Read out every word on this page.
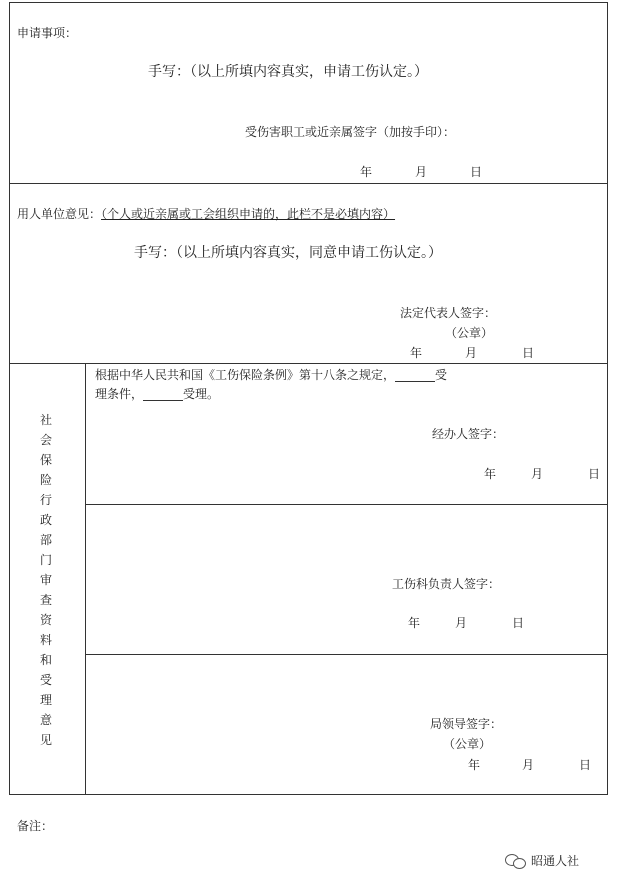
申请事项：
手写：（以上所填内容真实，申请工伤认定。）
受伤害职工或近亲属签字（加按手印）：
年	月	日
用人单位意见：（个人或近亲属或工会组织申请的，此栏不是必填内容）
手写：（以上所填内容真实，同意申请工伤认定。）
法定代表人签字：
（公章）
年	月	日
社
会
保
险
行
政
部
门
审
查
资
料
和
受
理
意
见
根据中华人民共和国《工伤保险条例》第十八条之规定，	受
理条件，	受理。
经办人签字：
年	月	日
工伤科负责人签字：
年	月	日
局领导签字：
（公章）
年	月	日
备注：
昭通人社
